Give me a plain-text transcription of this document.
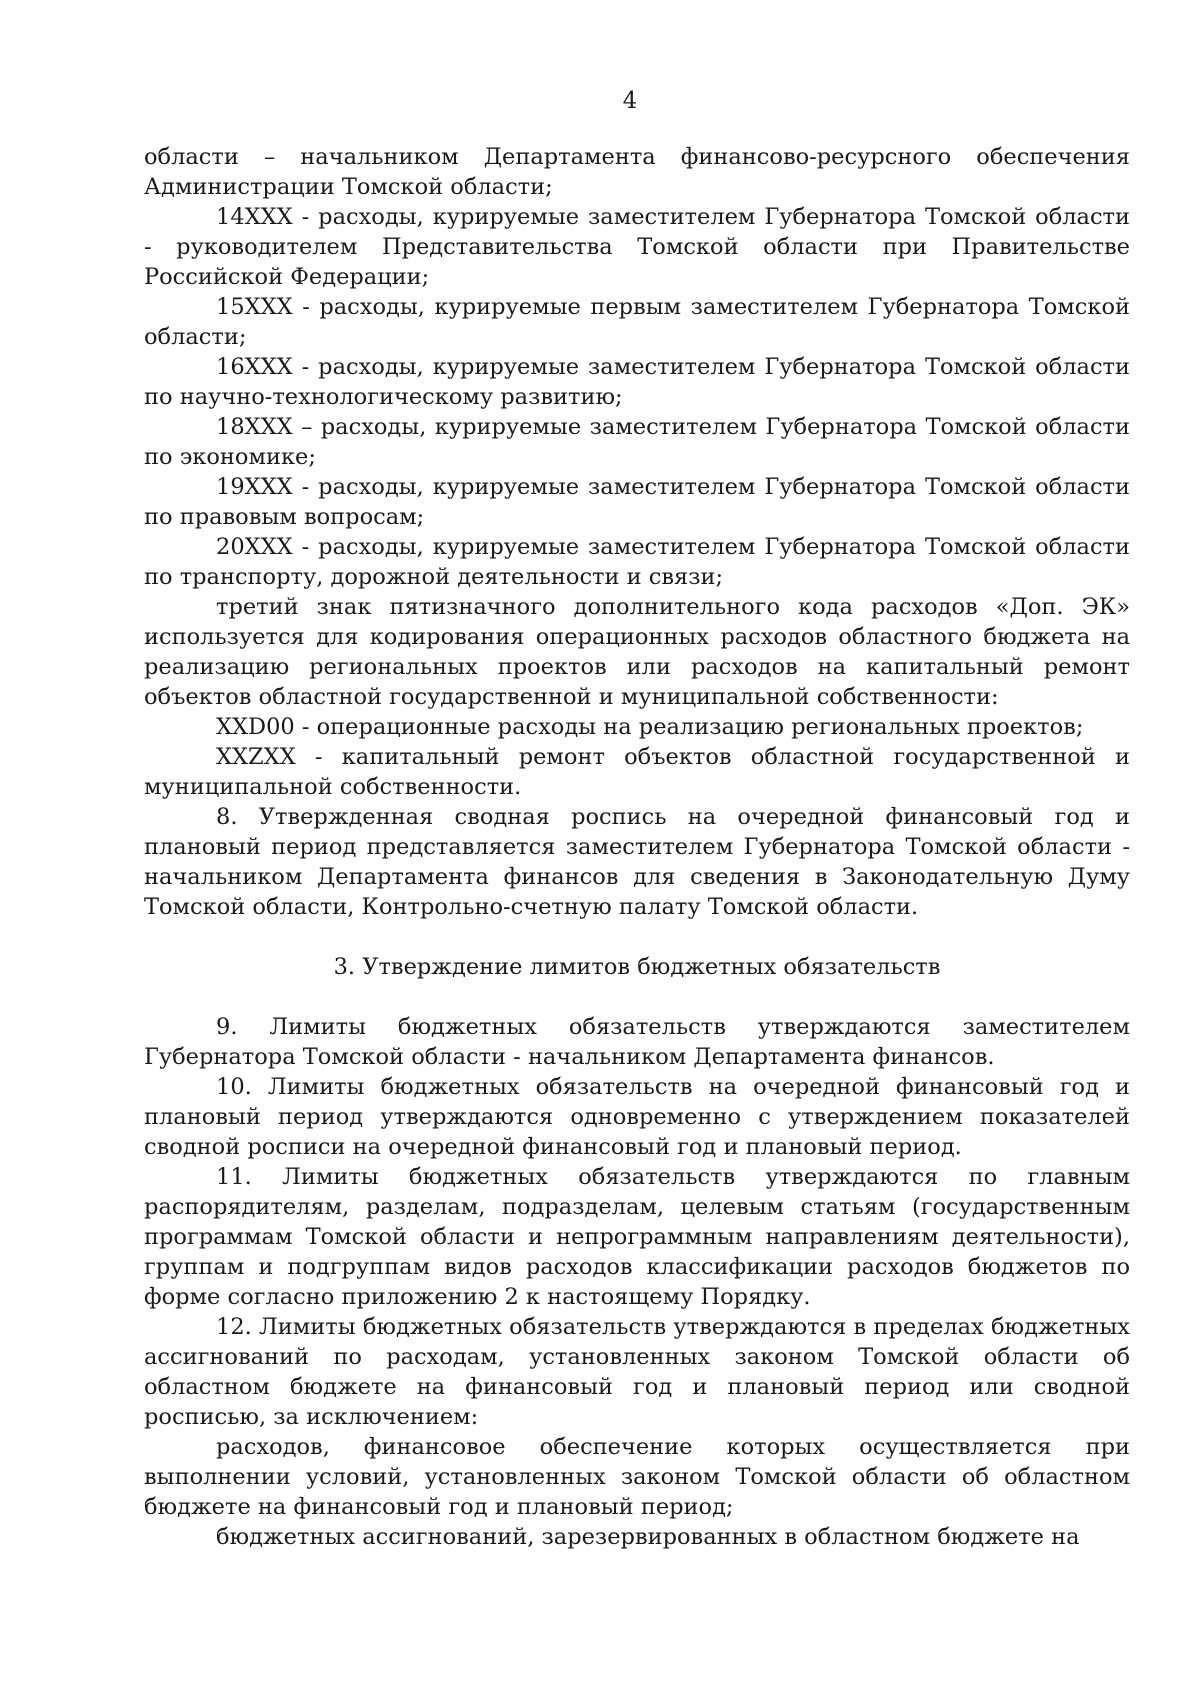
4

области – начальником Департамента финансово-ресурсного обеспечения Администрации Томской области;

14XXX - расходы, курируемые заместителем Губернатора Томской области - руководителем Представительства Томской области при Правительстве Российской Федерации;

15XXX - расходы, курируемые первым заместителем Губернатора Томской области;

16XXX - расходы, курируемые заместителем Губернатора Томской области по научно-технологическому развитию;

18XXX – расходы, курируемые заместителем Губернатора Томской области по экономике;

19XXX - расходы, курируемые заместителем Губернатора Томской области по правовым вопросам;

20XXX - расходы, курируемые заместителем Губернатора Томской области по транспорту, дорожной деятельности и связи;

третий знак пятизначного дополнительного кода расходов «Доп. ЭК» используется для кодирования операционных расходов областного бюджета на реализацию региональных проектов или расходов на капитальный ремонт объектов областной государственной и муниципальной собственности:

XXD00 - операционные расходы на реализацию региональных проектов;

XXZXX - капитальный ремонт объектов областной государственной и муниципальной собственности.

8. Утвержденная сводная роспись на очередной финансовый год и плановый период представляется заместителем Губернатора Томской области - начальником Департамента финансов для сведения в Законодательную Думу Томской области, Контрольно-счетную палату Томской области.

3. Утверждение лимитов бюджетных обязательств

9. Лимиты бюджетных обязательств утверждаются заместителем Губернатора Томской области - начальником Департамента финансов.

10. Лимиты бюджетных обязательств на очередной финансовый год и плановый период утверждаются одновременно с утверждением показателей сводной росписи на очередной финансовый год и плановый период.

11. Лимиты бюджетных обязательств утверждаются по главным распорядителям, разделам, подразделам, целевым статьям (государственным программам Томской области и непрограммным направлениям деятельности), группам и подгруппам видов расходов классификации расходов бюджетов по форме согласно приложению 2 к настоящему Порядку.

12. Лимиты бюджетных обязательств утверждаются в пределах бюджетных ассигнований по расходам, установленных законом Томской области об областном бюджете на финансовый год и плановый период или сводной росписью, за исключением:

расходов, финансовое обеспечение которых осуществляется при выполнении условий, установленных законом Томской области об областном бюджете на финансовый год и плановый период;

бюджетных ассигнований, зарезервированных в областном бюджете на
